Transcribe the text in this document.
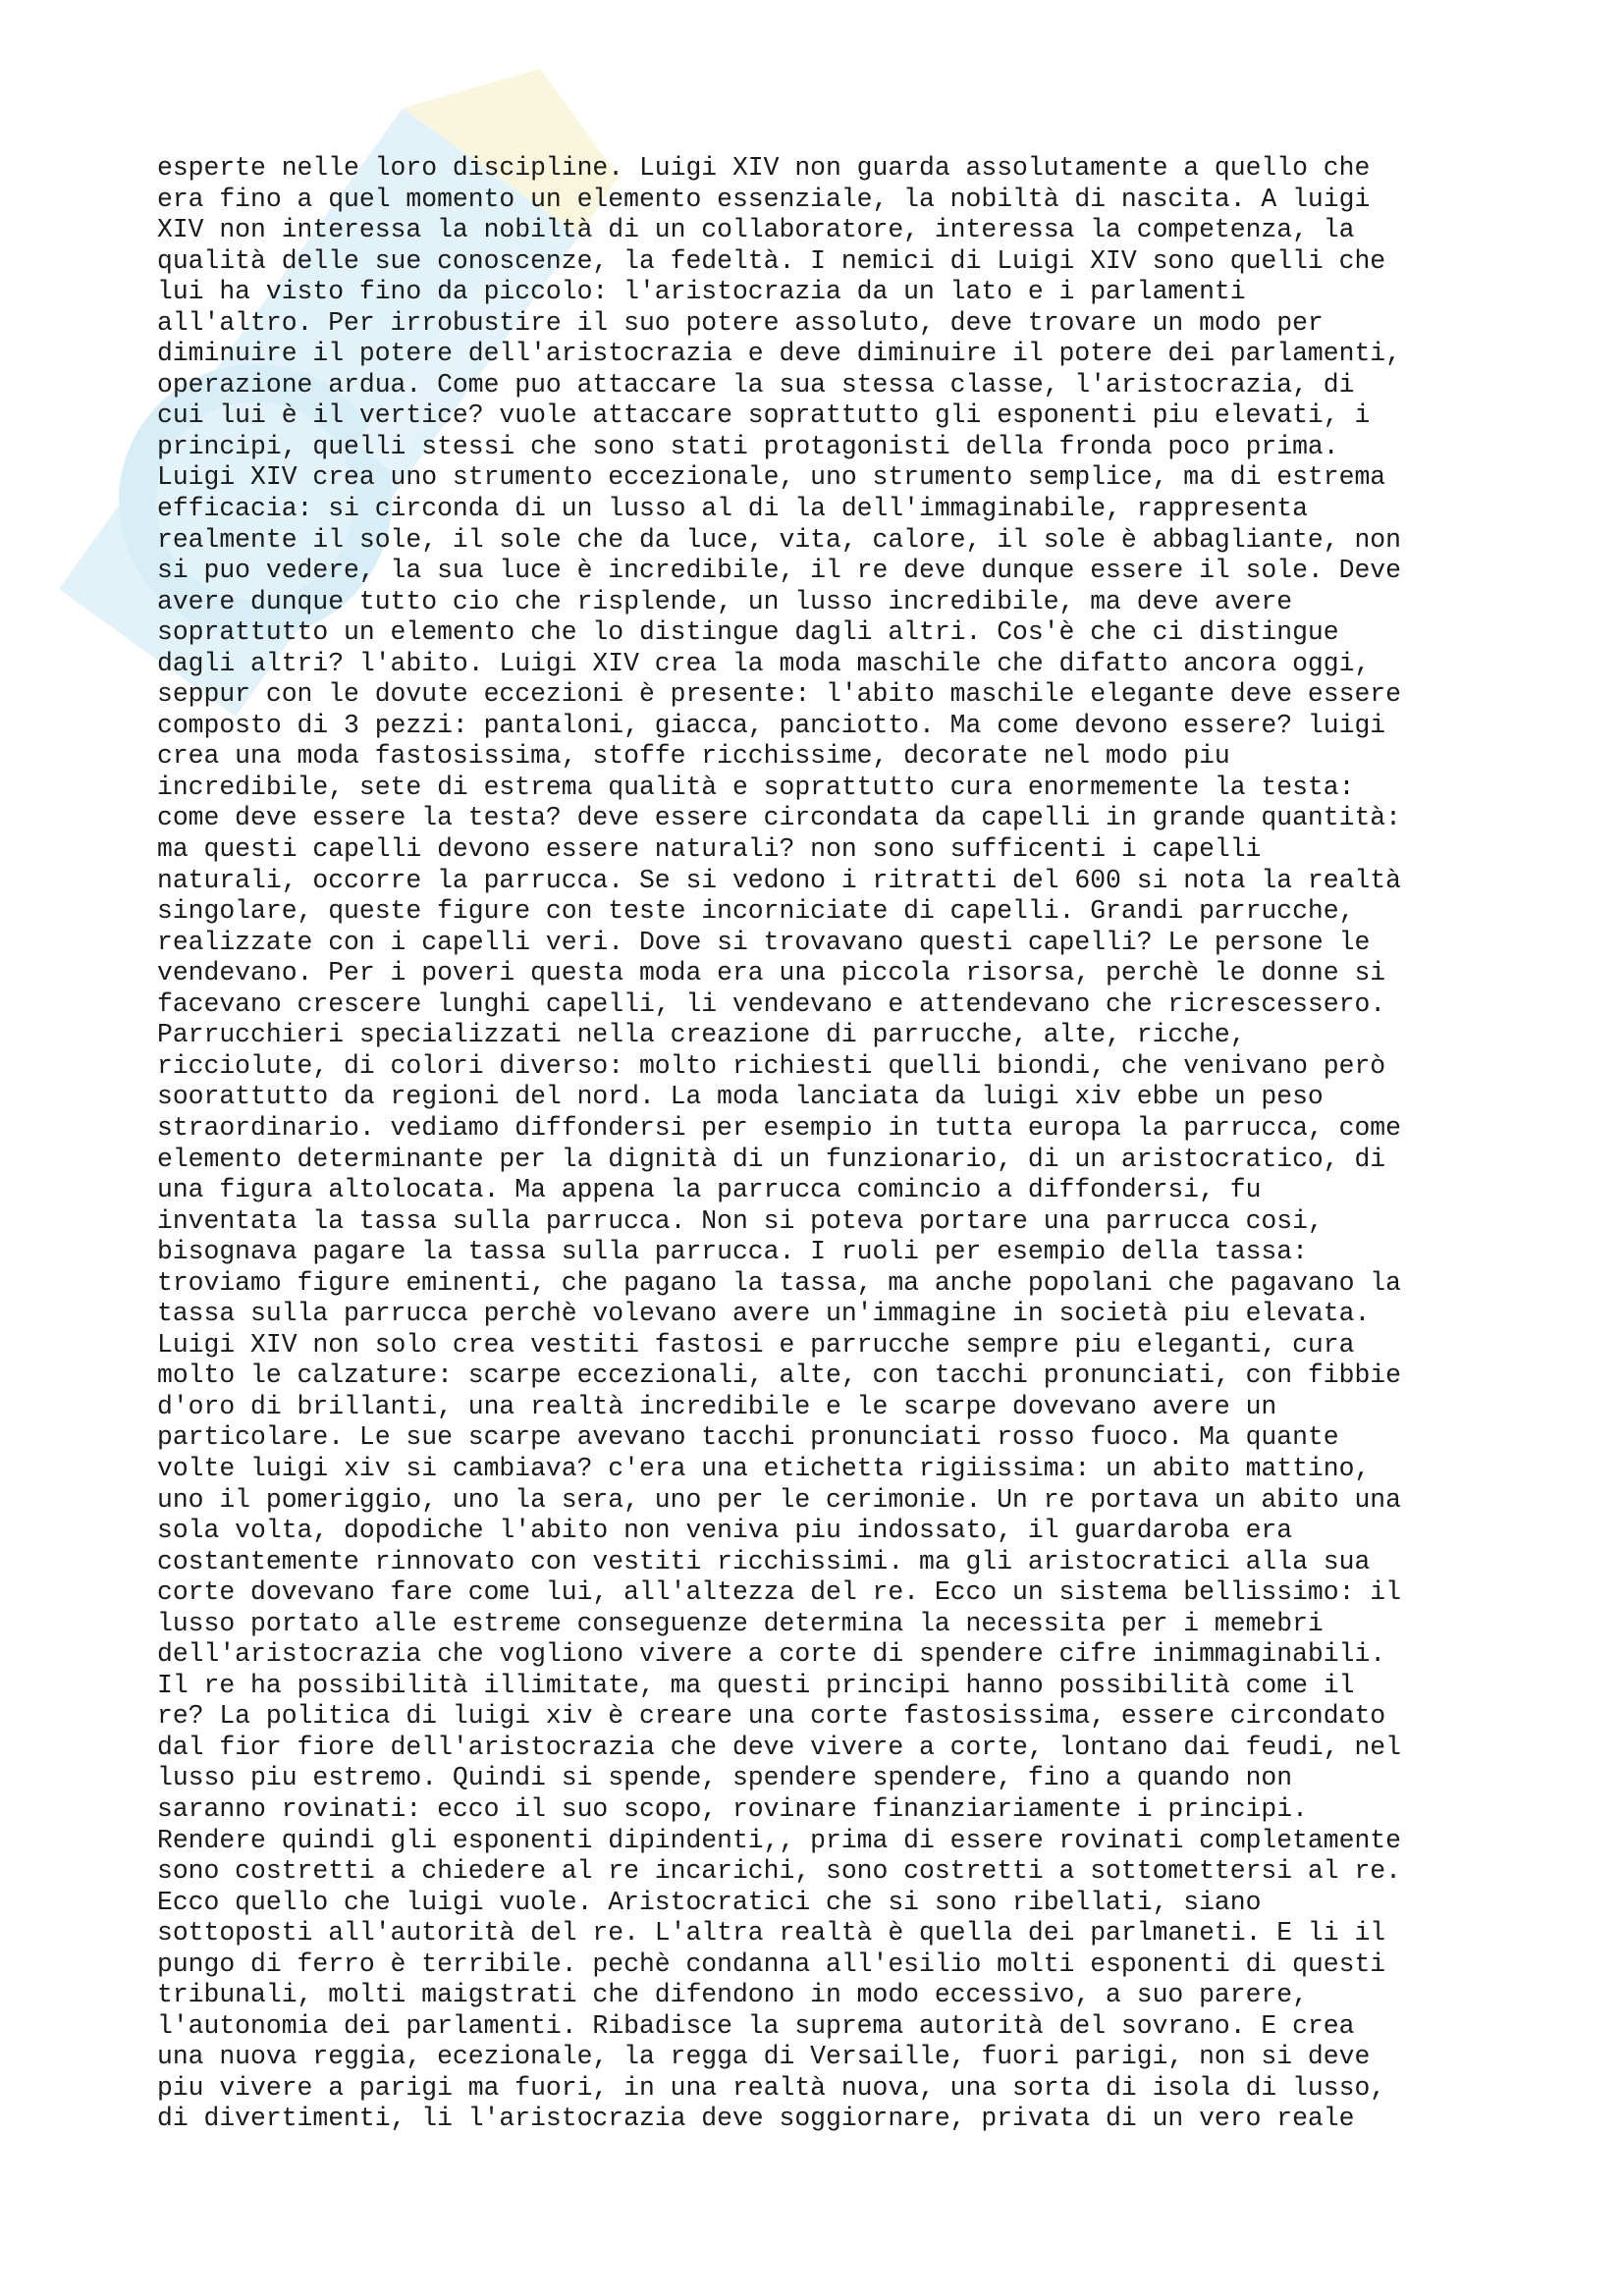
esperte nelle loro discipline. Luigi XIV non guarda assolutamente a quello che
era fino a quel momento un elemento essenziale, la nobiltà di nascita. A luigi
XIV non interessa la nobiltà di un collaboratore, interessa la competenza, la
qualità delle sue conoscenze, la fedeltà. I nemici di Luigi XIV sono quelli che
lui ha visto fino da piccolo: l'aristocrazia da un lato e i parlamenti
all'altro. Per irrobustire il suo potere assoluto, deve trovare un modo per
diminuire il potere dell'aristocrazia e deve diminuire il potere dei parlamenti,
operazione ardua. Come puo attaccare la sua stessa classe, l'aristocrazia, di
cui lui è il vertice? vuole attaccare soprattutto gli esponenti piu elevati, i
principi, quelli stessi che sono stati protagonisti della fronda poco prima.
Luigi XIV crea uno strumento eccezionale, uno strumento semplice, ma di estrema
efficacia: si circonda di un lusso al di la dell'immaginabile, rappresenta
realmente il sole, il sole che da luce, vita, calore, il sole è abbagliante, non
si puo vedere, la sua luce è incredibile, il re deve dunque essere il sole. Deve
avere dunque tutto cio che risplende, un lusso incredibile, ma deve avere
soprattutto un elemento che lo distingue dagli altri. Cos'è che ci distingue
dagli altri? l'abito. Luigi XIV crea la moda maschile che difatto ancora oggi,
seppur con le dovute eccezioni è presente: l'abito maschile elegante deve essere
composto di 3 pezzi: pantaloni, giacca, panciotto. Ma come devono essere? luigi
crea una moda fastosissima, stoffe ricchissime, decorate nel modo piu
incredibile, sete di estrema qualità e soprattutto cura enormemente la testa:
come deve essere la testa? deve essere circondata da capelli in grande quantità:
ma questi capelli devono essere naturali? non sono sufficenti i capelli
naturali, occorre la parrucca. Se si vedono i ritratti del 600 si nota la realtà
singolare, queste figure con teste incorniciate di capelli. Grandi parrucche,
realizzate con i capelli veri. Dove si trovavano questi capelli? Le persone le
vendevano. Per i poveri questa moda era una piccola risorsa, perchè le donne si
facevano crescere lunghi capelli, li vendevano e attendevano che ricrescessero.
Parrucchieri specializzati nella creazione di parrucche, alte, ricche,
ricciolute, di colori diverso: molto richiesti quelli biondi, che venivano però
soorattutto da regioni del nord. La moda lanciata da luigi xiv ebbe un peso
straordinario. vediamo diffondersi per esempio in tutta europa la parrucca, come
elemento determinante per la dignità di un funzionario, di un aristocratico, di
una figura altolocata. Ma appena la parrucca comincio a diffondersi, fu
inventata la tassa sulla parrucca. Non si poteva portare una parrucca cosi,
bisognava pagare la tassa sulla parrucca. I ruoli per esempio della tassa:
troviamo figure eminenti, che pagano la tassa, ma anche popolani che pagavano la
tassa sulla parrucca perchè volevano avere un'immagine in società piu elevata.
Luigi XIV non solo crea vestiti fastosi e parrucche sempre piu eleganti, cura
molto le calzature: scarpe eccezionali, alte, con tacchi pronunciati, con fibbie
d'oro di brillanti, una realtà incredibile e le scarpe dovevano avere un
particolare. Le sue scarpe avevano tacchi pronunciati rosso fuoco. Ma quante
volte luigi xiv si cambiava? c'era una etichetta rigiissima: un abito mattino,
uno il pomeriggio, uno la sera, uno per le cerimonie. Un re portava un abito una
sola volta, dopodiche l'abito non veniva piu indossato, il guardaroba era
costantemente rinnovato con vestiti ricchissimi. ma gli aristocratici alla sua
corte dovevano fare come lui, all'altezza del re. Ecco un sistema bellissimo: il
lusso portato alle estreme conseguenze determina la necessita per i memebri
dell'aristocrazia che vogliono vivere a corte di spendere cifre inimmaginabili.
Il re ha possibilità illimitate, ma questi principi hanno possibilità come il
re? La politica di luigi xiv è creare una corte fastosissima, essere circondato
dal fior fiore dell'aristocrazia che deve vivere a corte, lontano dai feudi, nel
lusso piu estremo. Quindi si spende, spendere spendere, fino a quando non
saranno rovinati: ecco il suo scopo, rovinare finanziariamente i principi.
Rendere quindi gli esponenti dipindenti,, prima di essere rovinati completamente
sono costretti a chiedere al re incarichi, sono costretti a sottomettersi al re.
Ecco quello che luigi vuole. Aristocratici che si sono ribellati, siano
sottoposti all'autorità del re. L'altra realtà è quella dei parlmaneti. E li il
pungo di ferro è terribile. pechè condanna all'esilio molti esponenti di questi
tribunali, molti maigstrati che difendono in modo eccessivo, a suo parere,
l'autonomia dei parlamenti. Ribadisce la suprema autorità del sovrano. E crea
una nuova reggia, ecezionale, la regga di Versaille, fuori parigi, non si deve
piu vivere a parigi ma fuori, in una realtà nuova, una sorta di isola di lusso,
di divertimenti, li l'aristocrazia deve soggiornare, privata di un vero reale
